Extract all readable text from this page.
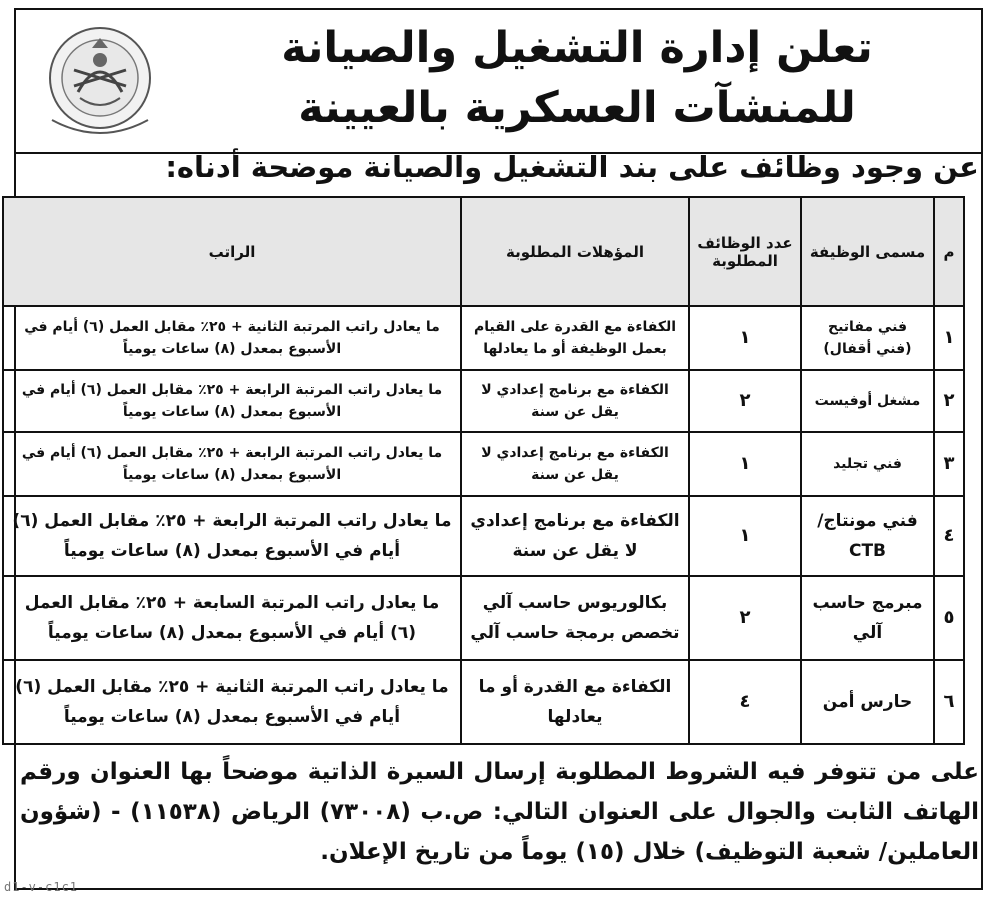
تعلن إدارة التشغيل والصيانة للمنشآت العسكرية بالعيينة
عن وجود وظائف على بند التشغيل والصيانة موضحة أدناه:
م	مسمى الوظيفة	عدد الوظائف المطلوبة	المؤهلات المطلوبة	الراتب
١	فني مفاتيح (فني أقفال)	١	الكفاءة مع القدرة على القيام بعمل الوظيفة أو ما يعادلها	ما يعادل راتب المرتبة الثانية + ٢٥٪ مقابل العمل (٦) أيام في الأسبوع بمعدل (٨) ساعات يومياً
٢	مشغل أوفيست	٢	الكفاءة مع برنامج إعدادي لا يقل عن سنة	ما يعادل راتب المرتبة الرابعة + ٢٥٪ مقابل العمل (٦) أيام في الأسبوع بمعدل (٨) ساعات يومياً
٣	فني تجليد	١	الكفاءة مع برنامج إعدادي لا يقل عن سنة	ما يعادل راتب المرتبة الرابعة + ٢٥٪ مقابل العمل (٦) أيام في الأسبوع بمعدل (٨) ساعات يومياً
٤	فني مونتاج/ CTB	١	الكفاءة مع برنامج إعدادي لا يقل عن سنة	ما يعادل راتب المرتبة الرابعة + ٢٥٪ مقابل العمل (٦) أيام في الأسبوع بمعدل (٨) ساعات يومياً
٥	مبرمج حاسب آلي	٢	بكالوريوس حاسب آلي تخصص برمجة حاسب آلي	ما يعادل راتب المرتبة السابعة + ٢٥٪ مقابل العمل (٦) أيام في الأسبوع بمعدل (٨) ساعات يومياً
٦	حارس أمن	٤	الكفاءة مع القدرة أو ما يعادلها	ما يعادل راتب المرتبة الثانية + ٢٥٪ مقابل العمل (٦) أيام في الأسبوع بمعدل (٨) ساعات يومياً
على من تتوفر فيه الشروط المطلوبة إرسال السيرة الذاتية موضحاً بها العنوان ورقم الهاتف الثابت والجوال على العنوان التالي: ص.ب (٧٣٠٠٨) الرياض (١١٥٣٨) - (شؤون العاملين/ شعبة التوظيف) خلال (١٥) يوماً من تاريخ الإعلان.
d1-v-c1c1
